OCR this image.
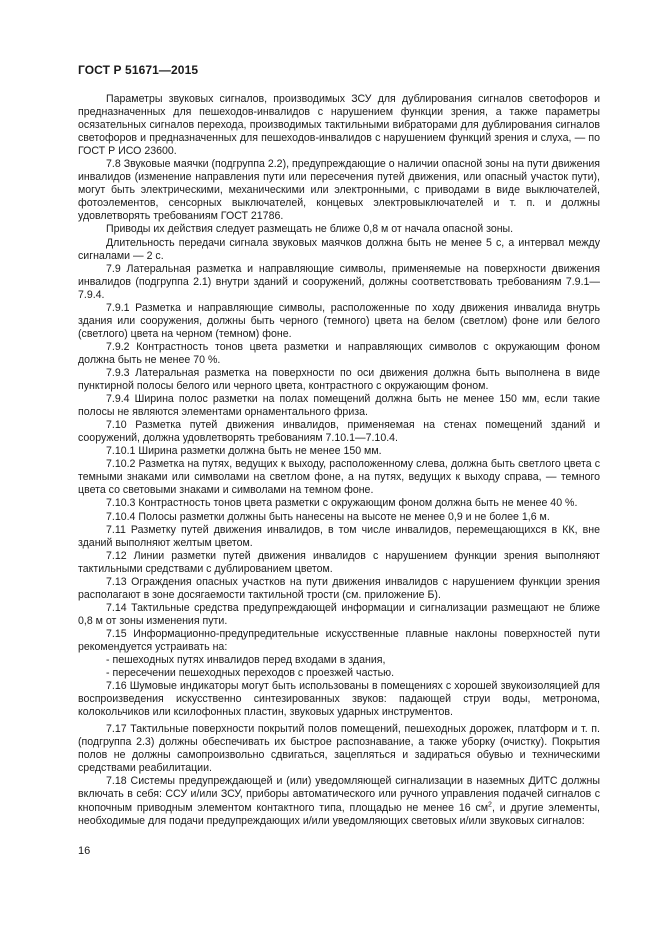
ГОСТ Р 51671—2015

Параметры звуковых сигналов, производимых ЗСУ для дублирования сигналов светофоров и предназначенных для пешеходов-инвалидов с нарушением функции зрения, а также параметры осязательных сигналов перехода, производимых тактильными вибраторами для дублирования сигналов светофоров и предназначенных для пешеходов-инвалидов с нарушением функций зрения и слуха, — по ГОСТ Р ИСО 23600.

7.8 Звуковые маячки (подгруппа 2.2), предупреждающие о наличии опасной зоны на пути движения инвалидов (изменение направления пути или пересечения путей движения, или опасный участок пути), могут быть электрическими, механическими или электронными, с приводами в виде выключателей, фотоэлементов, сенсорных выключателей, концевых электровыключателей и т. п. и должны удовлетворять требованиям ГОСТ 21786.

Приводы их действия следует размещать не ближе 0,8 м от начала опасной зоны.

Длительность передачи сигнала звуковых маячков должна быть не менее 5 с, а интервал между сигналами — 2 с.

7.9 Латеральная разметка и направляющие символы, применяемые на поверхности движения инвалидов (подгруппа 2.1) внутри зданий и сооружений, должны соответствовать требованиям 7.9.1—7.9.4.

7.9.1 Разметка и направляющие символы, расположенные по ходу движения инвалида внутрь здания или сооружения, должны быть черного (темного) цвета на белом (светлом) фоне или белого (светлого) цвета на черном (темном) фоне.

7.9.2 Контрастность тонов цвета разметки и направляющих символов с окружающим фоном должна быть не менее 70 %.

7.9.3 Латеральная разметка на поверхности по оси движения должна быть выполнена в виде пунктирной полосы белого или черного цвета, контрастного с окружающим фоном.

7.9.4 Ширина полос разметки на полах помещений должна быть не менее 150 мм, если такие полосы не являются элементами орнаментального фриза.

7.10 Разметка путей движения инвалидов, применяемая на стенах помещений зданий и сооружений, должна удовлетворять требованиям 7.10.1—7.10.4.

7.10.1 Ширина разметки должна быть не менее 150 мм.

7.10.2 Разметка на путях, ведущих к выходу, расположенному слева, должна быть светлого цвета с темными знаками или символами на светлом фоне, а на путях, ведущих к выходу справа, — темного цвета со световыми знаками и символами на темном фоне.

7.10.3 Контрастность тонов цвета разметки с окружающим фоном должна быть не менее 40 %.

7.10.4 Полосы разметки должны быть нанесены на высоте не менее 0,9 и не более 1,6 м.

7.11 Разметку путей движения инвалидов, в том числе инвалидов, перемещающихся в КК, вне зданий выполняют желтым цветом.

7.12 Линии разметки путей движения инвалидов с нарушением функции зрения выполняют тактильными средствами с дублированием цветом.

7.13 Ограждения опасных участков на пути движения инвалидов с нарушением функции зрения располагают в зоне досягаемости тактильной трости (см. приложение Б).

7.14 Тактильные средства предупреждающей информации и сигнализации размещают не ближе 0,8 м от зоны изменения пути.

7.15 Информационно-предупредительные искусственные плавные наклоны поверхностей пути рекомендуется устраивать на:

- пешеходных путях инвалидов перед входами в здания,

- пересечении пешеходных переходов с проезжей частью.

7.16 Шумовые индикаторы могут быть использованы в помещениях с хорошей звукоизоляцией для воспроизведения искусственно синтезированных звуков: падающей струи воды, метронома, колокольчиков или ксилофонных пластин, звуковых ударных инструментов.

7.17 Тактильные поверхности покрытий полов помещений, пешеходных дорожек, платформ и т. п. (подгруппа 2.3) должны обеспечивать их быстрое распознавание, а также уборку (очистку). Покрытия полов не должны самопроизвольно сдвигаться, зацепляться и задираться обувью и техническими средствами реабилитации.

7.18 Системы предупреждающей и (или) уведомляющей сигнализации в наземных ДИТС должны включать в себя: ССУ и/или ЗСУ, приборы автоматического или ручного управления подачей сигналов с кнопочным приводным элементом контактного типа, площадью не менее 16 $см^2$, и другие элементы, необходимые для подачи предупреждающих и/или уведомляющих световых и/или звуковых сигналов:

16
